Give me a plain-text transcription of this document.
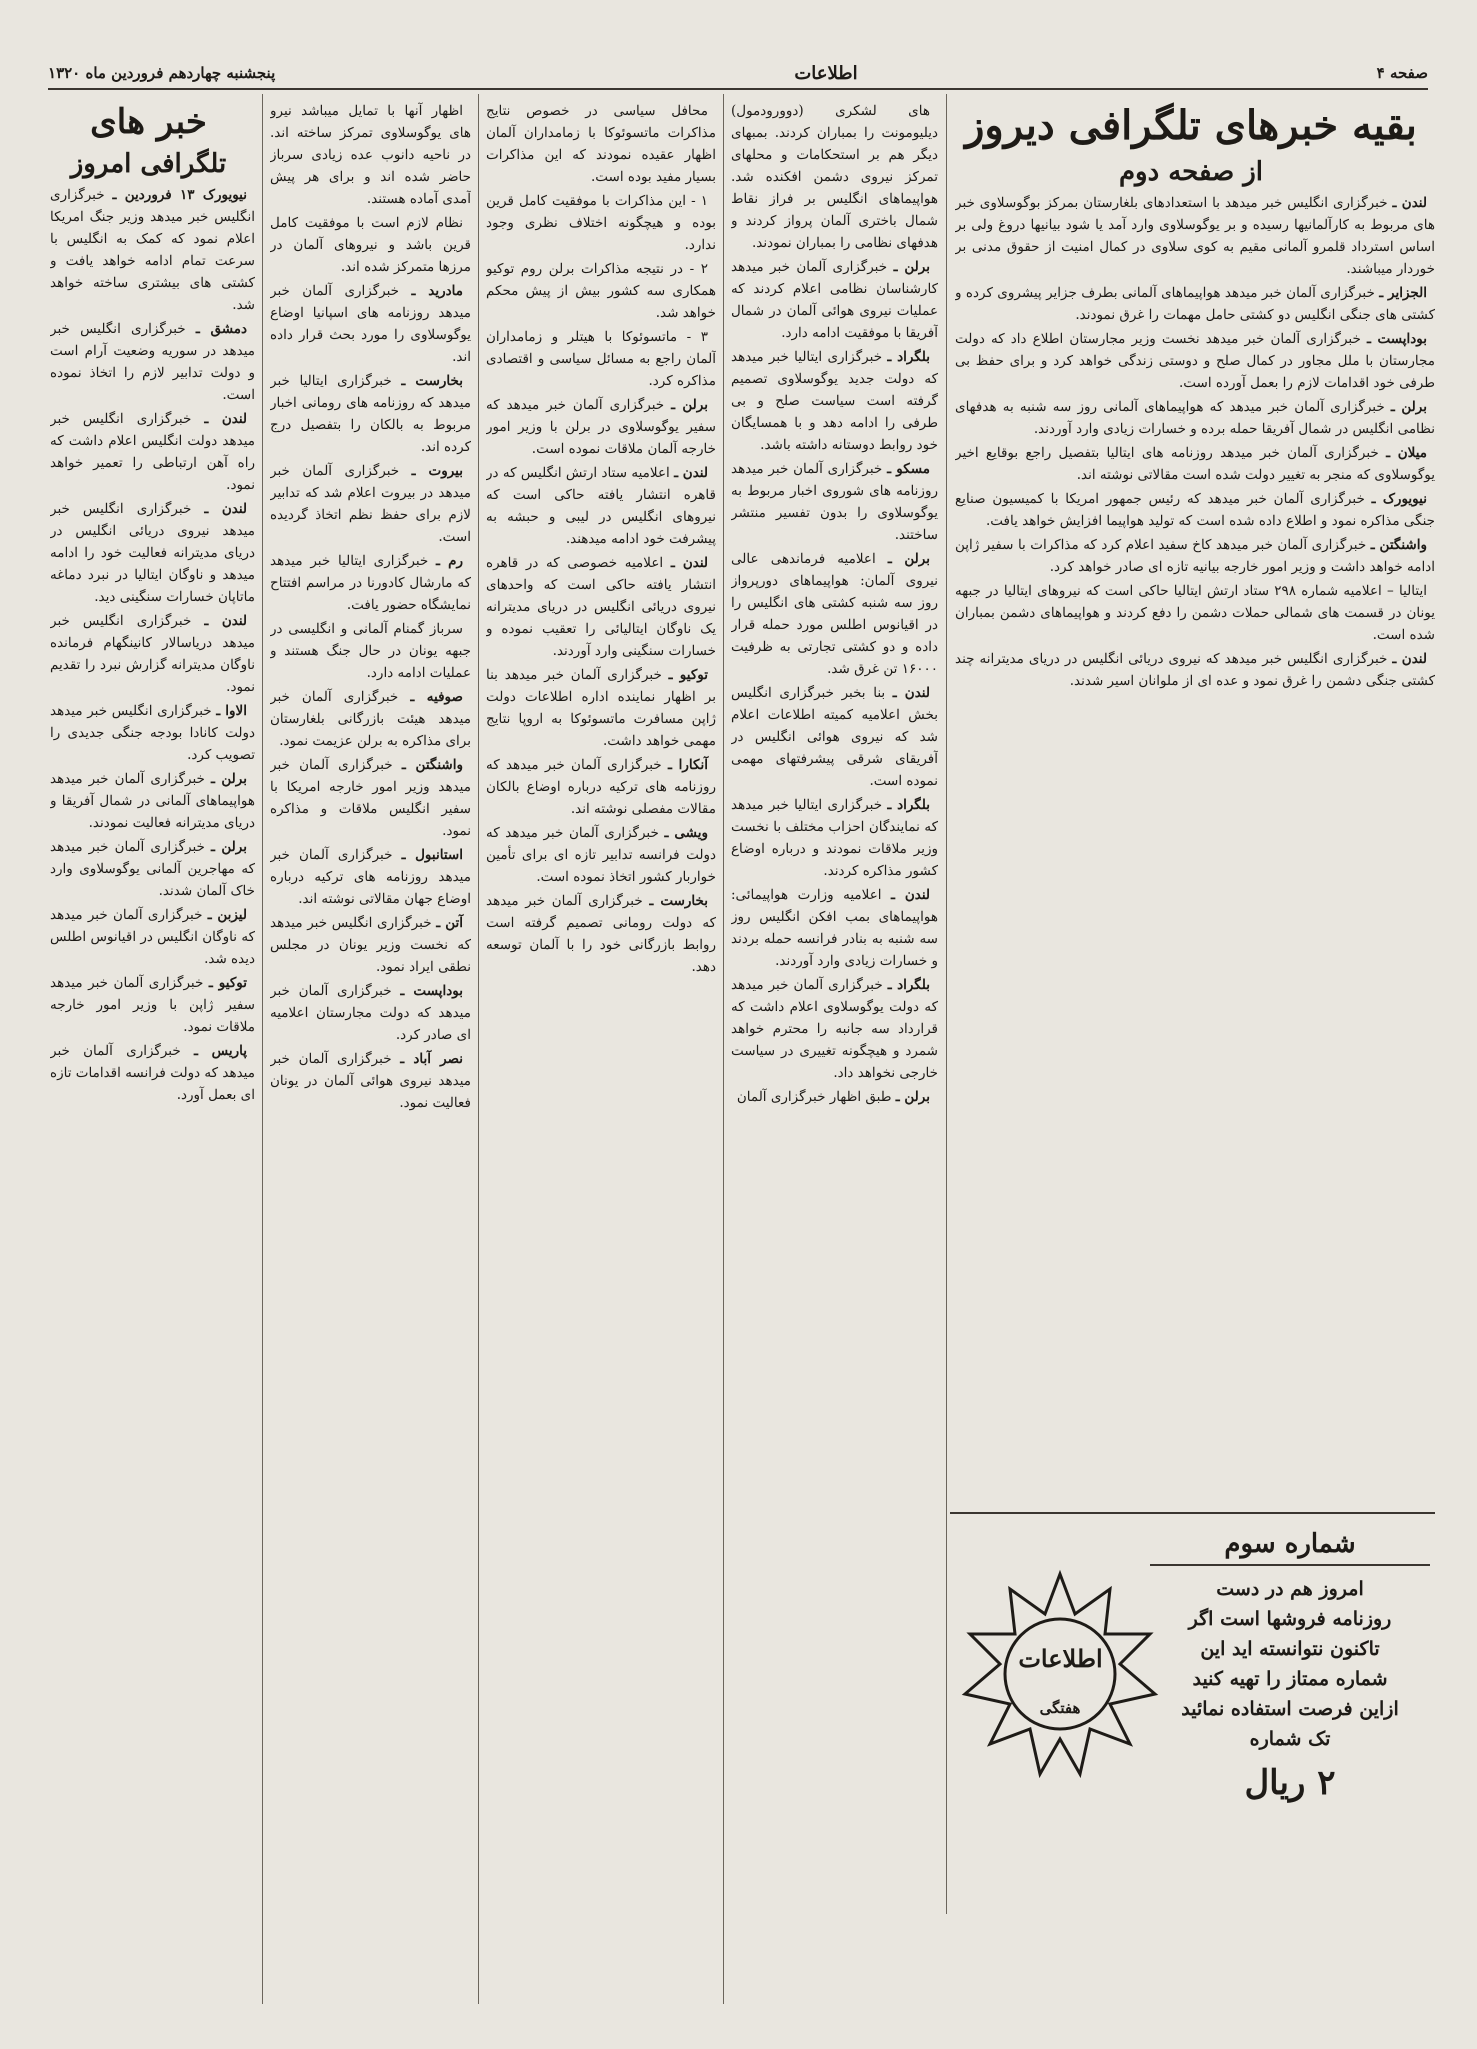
صفحه ۴
اطلاعات
پنجشنبه چهاردهم فروردین ماه ۱۳۲۰

بقیه خبرهای تلگرافی دیروز

از صفحه دوم

لندن ـ خبرگزاری انگلیس خبر میدهد با استعدادهای بلغارستان بمرکز بوگوسلاوی خبر های مربوط به کارآلمانیها رسیده و بر یوگوسلاوی وارد آمد یا شود بیانیها دروغ ولی بر اساس استرداد قلمرو آلمانی مقیم به کوی سلاوی در کمال امنیت از حقوق مدنی بر خوردار میباشند.

الجزایر ـ خبرگزاری آلمان خبر میدهد هواپیماهای آلمانی بطرف جزایر پیشروی کرده و کشتی های جنگی انگلیس دو کشتی حامل مهمات را غرق نمودند.

بوداپست ـ خبرگزاری آلمان خبر میدهد نخست وزیر مجارستان اطلاع داد که دولت مجارستان با ملل مجاور در کمال صلح و دوستی زندگی خواهد کرد و برای حفظ بی طرفی خود اقدامات لازم را بعمل آورده است.

برلن ـ خبرگزاری آلمان خبر میدهد که هواپیماهای آلمانی روز سه شنبه به هدفهای نظامی انگلیس در شمال آفریقا حمله برده و خسارات زیادی وارد آوردند.

میلان ـ خبرگزاری آلمان خبر میدهد روزنامه های ایتالیا بتفصیل راجع بوقایع اخیر یوگوسلاوی که منجر به تغییر دولت شده است مقالاتی نوشته اند.

نیویورک ـ خبرگزاری آلمان خبر میدهد که رئیس جمهور امریکا با کمیسیون صنایع جنگی مذاکره نمود و اطلاع داده شده است که تولید هواپیما افزایش خواهد یافت.

واشنگتن ـ خبرگزاری آلمان خبر میدهد کاخ سفید اعلام کرد که مذاکرات با سفیر ژاپن ادامه خواهد داشت و وزیر امور خارجه بیانیه تازه ای صادر خواهد کرد.

ایتالیا – اعلامیه شماره ۲۹۸ ستاد ارتش ایتالیا حاکی است که نیروهای ایتالیا در جبهه یونان در قسمت های شمالی حملات دشمن را دفع کردند و هواپیماهای دشمن بمباران شده است.

لندن ـ خبرگزاری انگلیس خبر میدهد که نیروی دریائی انگلیس در دریای مدیترانه چند کشتی جنگی دشمن را غرق نمود و عده ای از ملوانان اسیر شدند.

اطلاعات
هفتگی
شماره سوم
امروز هم در دست
روزنامه فروشها است اگر
تاکنون نتوانسته اید این
شماره ممتاز را تهیه کنید
ازاین فرصت استفاده نمائید
تک شماره
۲ ریال

های لشکری (دوورودمول) دیلیومونت را بمباران کردند. بمبهای دیگر هم بر استحکامات و محلهای تمرکز نیروی دشمن افکنده شد. هواپیماهای انگلیس بر فراز نقاط شمال باختری آلمان پرواز کردند و هدفهای نظامی را بمباران نمودند.

برلن ـ خبرگزاری آلمان خبر میدهد کارشناسان نظامی اعلام کردند که عملیات نیروی هوائی آلمان در شمال آفریقا با موفقیت ادامه دارد.

بلگراد ـ خبرگزاری ایتالیا خبر میدهد که دولت جدید یوگوسلاوی تصمیم گرفته است سیاست صلح و بی طرفی را ادامه دهد و با همسایگان خود روابط دوستانه داشته باشد.

مسکو ـ خبرگزاری آلمان خبر میدهد روزنامه های شوروی اخبار مربوط به یوگوسلاوی را بدون تفسیر منتشر ساختند.

برلن ـ اعلامیه فرماندهی عالی نیروی آلمان: هواپیماهای دورپرواز روز سه شنبه کشتی های انگلیس را در اقیانوس اطلس مورد حمله قرار داده و دو کشتی تجارتی به ظرفیت ۱۶۰۰۰ تن غرق شد.

لندن ـ بنا بخبر خبرگزاری انگلیس بخش اعلامیه کمیته اطلاعات اعلام شد که نیروی هوائی انگلیس در آفریقای شرقی پیشرفتهای مهمی نموده است.

بلگراد ـ خبرگزاری ایتالیا خبر میدهد که نمایندگان احزاب مختلف با نخست وزیر ملاقات نمودند و درباره اوضاع کشور مذاکره کردند.

لندن ـ اعلامیه وزارت هواپیمائی: هواپیماهای بمب افکن انگلیس روز سه شنبه به بنادر فرانسه حمله بردند و خسارات زیادی وارد آوردند.

بلگراد ـ خبرگزاری آلمان خبر میدهد که دولت یوگوسلاوی اعلام داشت که قرارداد سه جانبه را محترم خواهد شمرد و هیچگونه تغییری در سیاست خارجی نخواهد داد.

برلن ـ طبق اظهار خبرگزاری آلمان

محافل سیاسی در خصوص نتایج مذاکرات ماتسوئوکا با زمامداران آلمان اظهار عقیده نمودند که این مذاکرات بسیار مفید بوده است.

۱ - این مذاکرات با موفقیت کامل قرین بوده و هیچگونه اختلاف نظری وجود ندارد.

۲ - در نتیجه مذاکرات برلن روم توکیو همکاری سه کشور بیش از پیش محکم خواهد شد.

۳ - ماتسوئوکا با هیتلر و زمامداران آلمان راجع به مسائل سیاسی و اقتصادی مذاکره کرد.

برلن ـ خبرگزاری آلمان خبر میدهد که سفیر یوگوسلاوی در برلن با وزیر امور خارجه آلمان ملاقات نموده است.

لندن ـ اعلامیه ستاد ارتش انگلیس که در قاهره انتشار یافته حاکی است که نیروهای انگلیس در لیبی و حبشه به پیشرفت خود ادامه میدهند.

لندن ـ اعلامیه خصوصی که در قاهره انتشار یافته حاکی است که واحدهای نیروی دریائی انگلیس در دریای مدیترانه یک ناوگان ایتالیائی را تعقیب نموده و خسارات سنگینی وارد آوردند.

توکیو ـ خبرگزاری آلمان خبر میدهد بنا بر اظهار نماینده اداره اطلاعات دولت ژاپن مسافرت ماتسوئوکا به اروپا نتایج مهمی خواهد داشت.

آنکارا ـ خبرگزاری آلمان خبر میدهد که روزنامه های ترکیه درباره اوضاع بالکان مقالات مفصلی نوشته اند.

ویشی ـ خبرگزاری آلمان خبر میدهد که دولت فرانسه تدابیر تازه ای برای تأمین خواربار کشور اتخاذ نموده است.

بخارست ـ خبرگزاری آلمان خبر میدهد که دولت رومانی تصمیم گرفته است روابط بازرگانی خود را با آلمان توسعه دهد.

اظهار آنها با تمایل میباشد نیرو های یوگوسلاوی تمرکز ساخته اند. در ناحیه دانوب عده زیادی سرباز حاضر شده اند و برای هر پیش آمدی آماده هستند.

نظام لازم است با موفقیت کامل قرین باشد و نیروهای آلمان در مرزها متمرکز شده اند.

مادرید ـ خبرگزاری آلمان خبر میدهد روزنامه های اسپانیا اوضاع یوگوسلاوی را مورد بحث قرار داده اند.

بخارست ـ خبرگزاری ایتالیا خبر میدهد که روزنامه های رومانی اخبار مربوط به بالکان را بتفصیل درج کرده اند.

بیروت ـ خبرگزاری آلمان خبر میدهد در بیروت اعلام شد که تدابیر لازم برای حفظ نظم اتخاذ گردیده است.

رم ـ خبرگزاری ایتالیا خبر میدهد که مارشال کادورنا در مراسم افتتاح نمایشگاه حضور یافت.

سرباز گمنام آلمانی و انگلیسی در جبهه یونان در حال جنگ هستند و عملیات ادامه دارد.

صوفیه ـ خبرگزاری آلمان خبر میدهد هیئت بازرگانی بلغارستان برای مذاکره به برلن عزیمت نمود.

واشنگتن ـ خبرگزاری آلمان خبر میدهد وزیر امور خارجه امریکا با سفیر انگلیس ملاقات و مذاکره نمود.

استانبول ـ خبرگزاری آلمان خبر میدهد روزنامه های ترکیه درباره اوضاع جهان مقالاتی نوشته اند.

آتن ـ خبرگزاری انگلیس خبر میدهد که نخست وزیر یونان در مجلس نطقی ایراد نمود.

بوداپست ـ خبرگزاری آلمان خبر میدهد که دولت مجارستان اعلامیه ای صادر کرد.

نصر آباد ـ خبرگزاری آلمان خبر میدهد نیروی هوائی آلمان در یونان فعالیت نمود.

خبر های

تلگرافی امروز

نیویورک ۱۳ فروردین ـ خبرگزاری انگلیس خبر میدهد وزیر جنگ امریکا اعلام نمود که کمک به انگلیس با سرعت تمام ادامه خواهد یافت و کشتی های بیشتری ساخته خواهد شد.

دمشق ـ خبرگزاری انگلیس خبر میدهد در سوریه وضعیت آرام است و دولت تدابیر لازم را اتخاذ نموده است.

لندن ـ خبرگزاری انگلیس خبر میدهد دولت انگلیس اعلام داشت که راه آهن ارتباطی را تعمیر خواهد نمود.

لندن ـ خبرگزاری انگلیس خبر میدهد نیروی دریائی انگلیس در دریای مدیترانه فعالیت خود را ادامه میدهد و ناوگان ایتالیا در نبرد دماغه ماتاپان خسارات سنگینی دید.

لندن ـ خبرگزاری انگلیس خبر میدهد دریاسالار کانینگهام فرمانده ناوگان مدیترانه گزارش نبرد را تقدیم نمود.

الاوا ـ خبرگزاری انگلیس خبر میدهد دولت کانادا بودجه جنگی جدیدی را تصویب کرد.

برلن ـ خبرگزاری آلمان خبر میدهد هواپیماهای آلمانی در شمال آفریقا و دریای مدیترانه فعالیت نمودند.

برلن ـ خبرگزاری آلمان خبر میدهد که مهاجرین آلمانی یوگوسلاوی وارد خاک آلمان شدند.

لیزبن ـ خبرگزاری آلمان خبر میدهد که ناوگان انگلیس در اقیانوس اطلس دیده شد.

توکیو ـ خبرگزاری آلمان خبر میدهد سفیر ژاپن با وزیر امور خارجه ملاقات نمود.

پاریس ـ خبرگزاری آلمان خبر میدهد که دولت فرانسه اقدامات تازه ای بعمل آورد.
